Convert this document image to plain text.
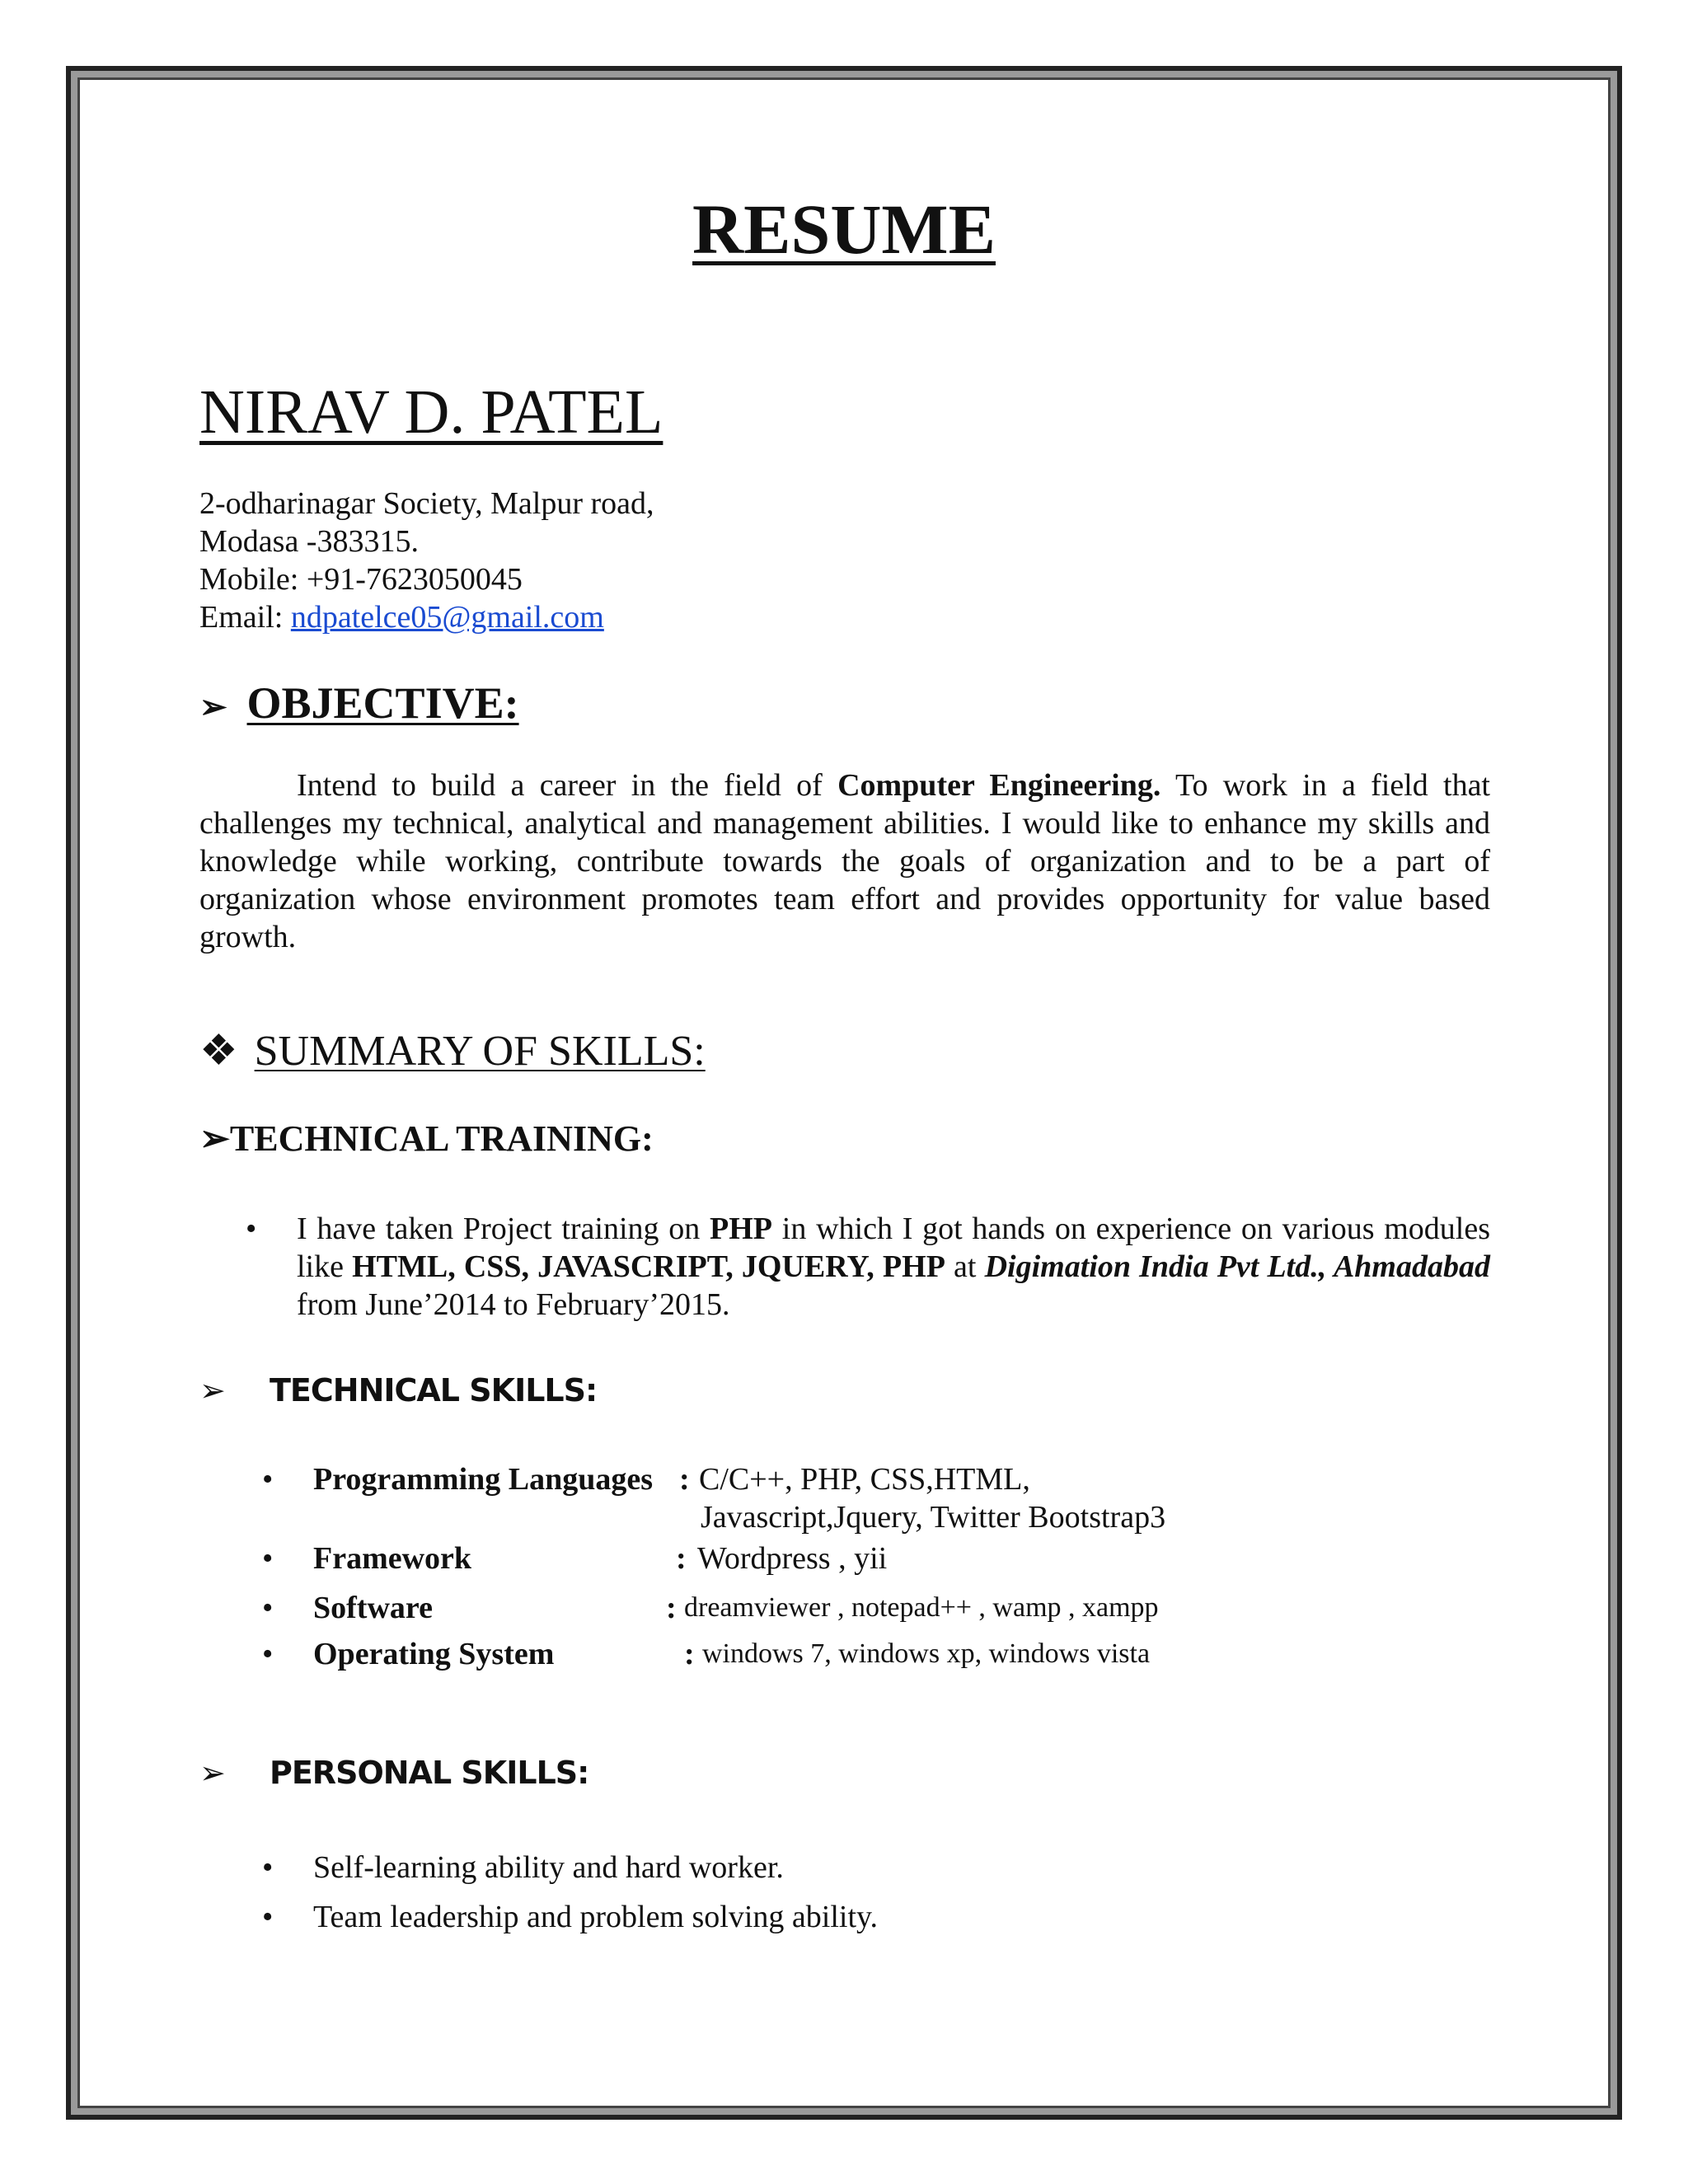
RESUME
NIRAV D. PATEL
2-odharinagar Society, Malpur road,
Modasa -383315.
Mobile: +91-7623050045
Email: ndpatelce05@gmail.com
➢ OBJECTIVE:
Intend to build a career in the field of Computer Engineering. To work in a field that challenges my technical, analytical and management abilities. I would like to enhance my skills and knowledge while working, contribute towards the goals of organization and to be a part of organization whose environment promotes team effort and provides opportunity for value based growth.
❖ SUMMARY OF SKILLS:
➢TECHNICAL TRAINING:
•	I have taken Project training on PHP in which I got hands on experience on various modules like HTML, CSS, JAVASCRIPT, JQUERY, PHP at Digimation India Pvt Ltd., Ahmadabad from June’2014 to February’2015.
➢ TECHNICAL SKILLS:
• Programming Languages : C/C++, PHP, CSS,HTML,
Javascript,Jquery, Twitter Bootstrap3
• Framework	: Wordpress , yii
• Software	: dreamviewer , notepad++ , wamp , xampp
• Operating System	: windows 7, windows xp, windows vista
➢ PERSONAL SKILLS:
•	Self-learning ability and hard worker.
•	Team leadership and problem solving ability.
